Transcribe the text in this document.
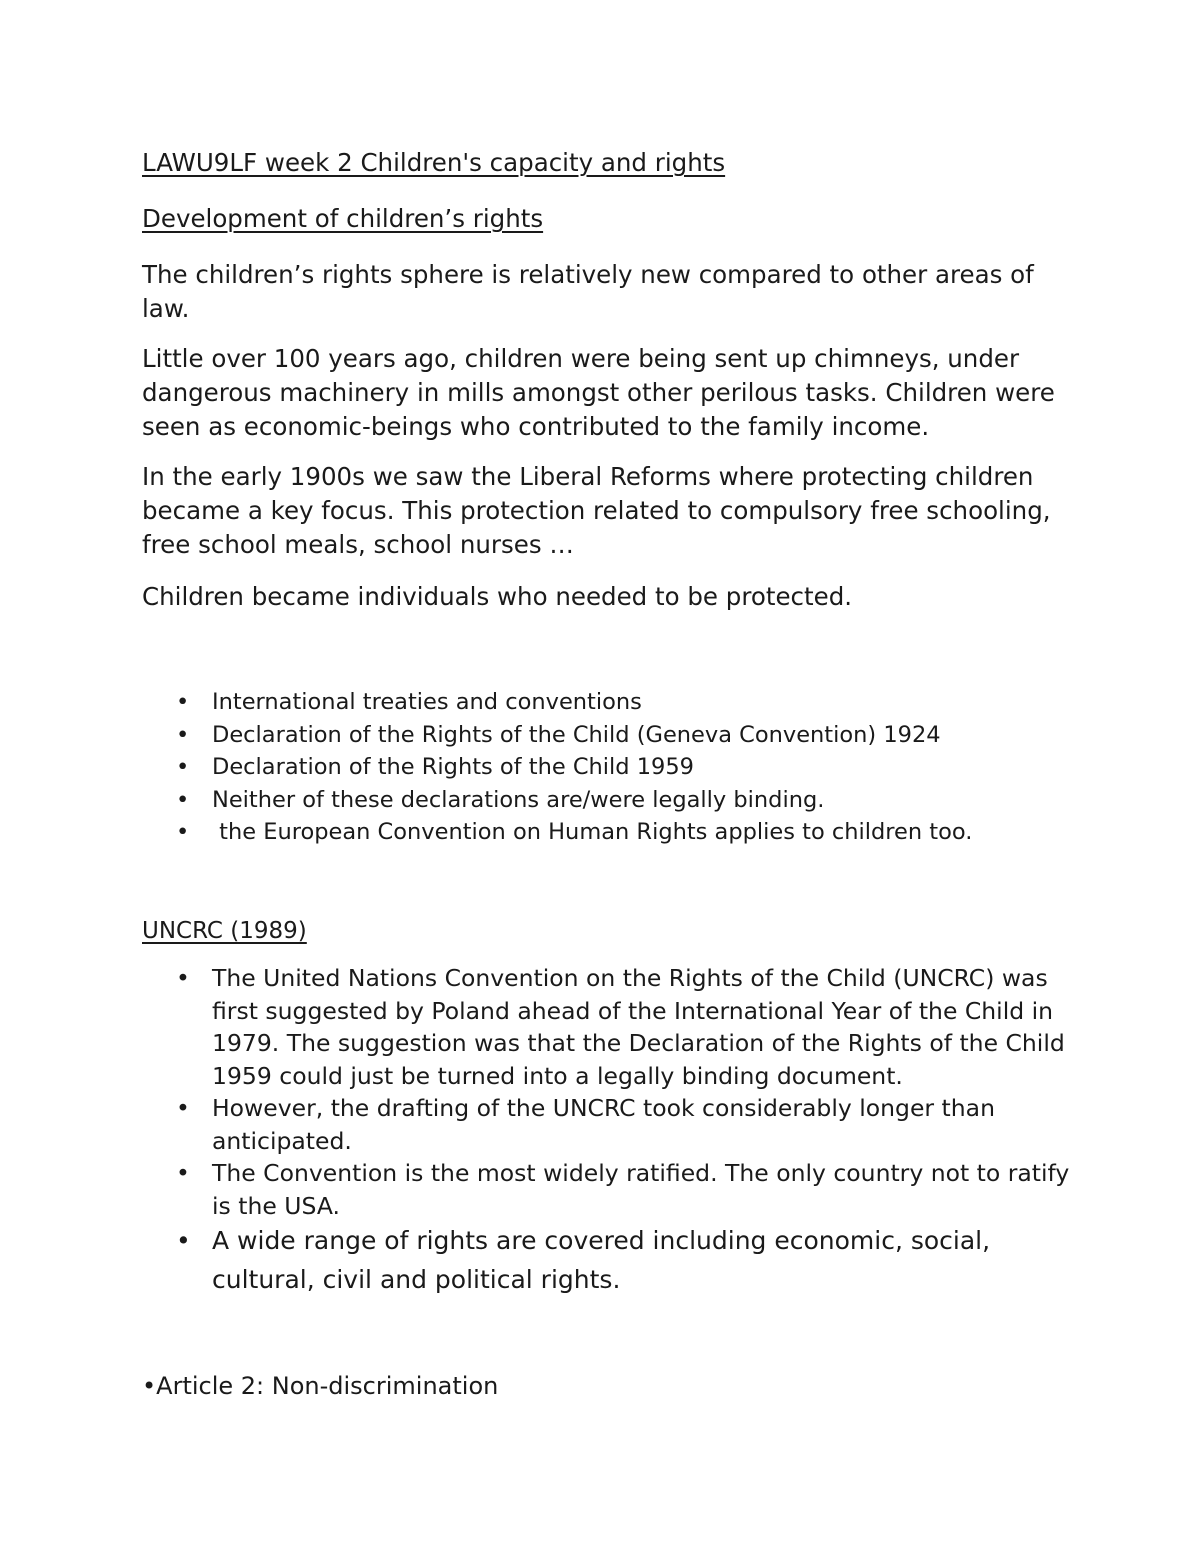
LAWU9LF week 2 Children's capacity and rights

Development of children’s rights

The children’s rights sphere is relatively new compared to other areas of law.

Little over 100 years ago, children were being sent up chimneys, under dangerous machinery in mills amongst other perilous tasks. Children were seen as economic-beings who contributed to the family income.

In the early 1900s we saw the Liberal Reforms where protecting children became a key focus. This protection related to compulsory free schooling, free school meals, school nurses …

Children became individuals who needed to be protected.

• International treaties and conventions
• Declaration of the Rights of the Child (Geneva Convention) 1924
• Declaration of the Rights of the Child 1959
• Neither of these declarations are/were legally binding.
• the European Convention on Human Rights applies to children too.

UNCRC (1989)

• The United Nations Convention on the Rights of the Child (UNCRC) was first suggested by Poland ahead of the International Year of the Child in 1979. The suggestion was that the Declaration of the Rights of the Child 1959 could just be turned into a legally binding document.
• However, the drafting of the UNCRC took considerably longer than anticipated.
• The Convention is the most widely ratified. The only country not to ratify is the USA.
• A wide range of rights are covered including economic, social, cultural, civil and political rights.

•Article 2: Non-discrimination
